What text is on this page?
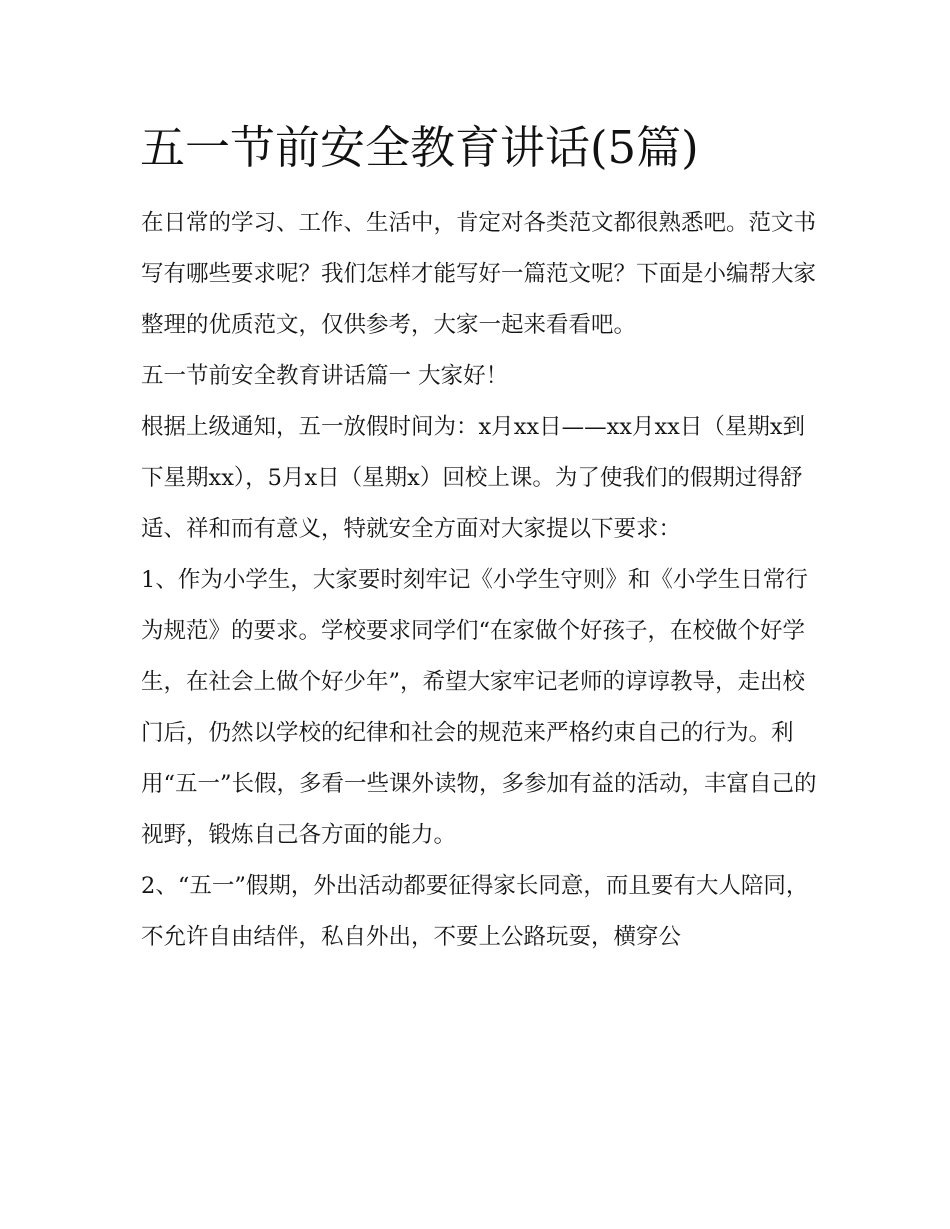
五一节前安全教育讲话(5篇)

在日常的学习、工作、生活中，肯定对各类范文都很熟悉吧。范文书写有哪些要求呢？我们怎样才能写好一篇范文呢？下面是小编帮大家整理的优质范文，仅供参考，大家一起来看看吧。

五一节前安全教育讲话篇一 大家好！

根据上级通知，五一放假时间为：x月xx日——xx月xx日（星期x到下星期xx），5月x日（星期x）回校上课。为了使我们的假期过得舒适、祥和而有意义，特就安全方面对大家提以下要求：

1、作为小学生，大家要时刻牢记《小学生守则》和《小学生日常行为规范》的要求。学校要求同学们“在家做个好孩子，在校做个好学生，在社会上做个好少年”，希望大家牢记老师的谆谆教导，走出校门后，仍然以学校的纪律和社会的规范来严格约束自己的行为。利用“五一”长假，多看一些课外读物，多参加有益的活动，丰富自己的视野，锻炼自己各方面的能力。

2、“五一”假期，外出活动都要征得家长同意，而且要有大人陪同，不允许自由结伴，私自外出，不要上公路玩耍，横穿公
